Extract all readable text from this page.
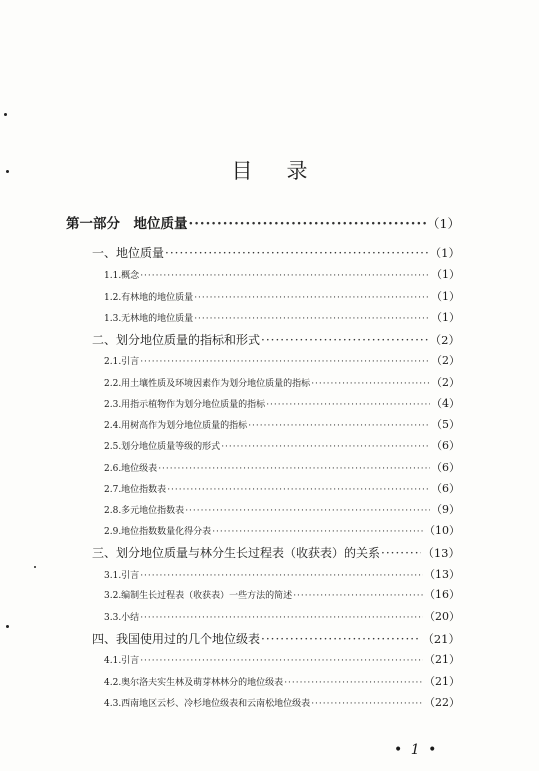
目录
第一部分　地位质量 ·····	（1）
一、地位质量 ·····	（1）
1.1.概念 ·····	（1）
1.2.有林地的地位质量 ·····	（1）
1.3.无林地的地位质量 ·····	（1）
二、划分地位质量的指标和形式 ·····	（2）
2.1.引言 ·····	（2）
2.2.用土壤性质及环境因素作为划分地位质量的指标 ·····	（2）
2.3.用指示植物作为划分地位质量的指标 ·····	（4）
2.4.用树高作为划分地位质量的指标 ·····	（5）
2.5.划分地位质量等级的形式 ·····	（6）
2.6.地位级表 ·····	（6）
2.7.地位指数表 ·····	（6）
2.8.多元地位指数表 ·····	（9）
2.9.地位指数数量化得分表 ·····	（10）
三、划分地位质量与林分生长过程表（收获表）的关系 ·····	（13）
3.1.引言 ·····	（13）
3.2.编制生长过程表（收获表）一些方法的简述 ·····	（16）
3.3.小结 ·····	（20）
四、我国使用过的几个地位级表 ·····	（21）
4.1.引言 ·····	（21）
4.2.奥尔洛夫实生林及萌芽林林分的地位级表 ·····	（21）
4.3.西南地区云杉、冷杉地位级表和云南松地位级表 ·····	（22）
• 1 •
